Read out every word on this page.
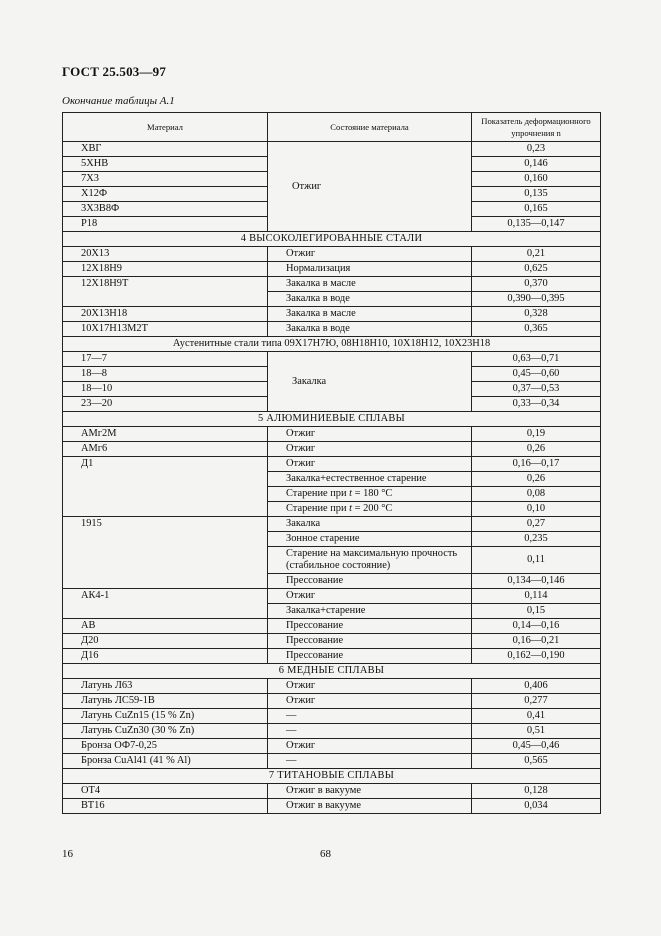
ГОСТ 25.503—97
Окончание таблицы А.1
Материал	Состояние материала	Показатель деформационного упрочнения n
ХВГ	Отжиг	0,23
5ХНВ		0,146
7Х3		0,160
Х12Ф		0,135
3Х3В8Ф		0,165
Р18		0,135—0,147
4 ВЫСОКОЛЕГИРОВАННЫЕ СТАЛИ		
20Х13	Отжиг	0,21
12Х18Н9	Нормализация	0,625
12Х18Н9Т	Закалка в масле	0,370
	Закалка в воде	0,390—0,395
20Х13Н18	Закалка в масле	0,328
10Х17Н13М2Т	Закалка в воде	0,365
Аустенитные стали типа 09Х17Н7Ю, 08Н18Н10, 10Х18Н12, 10Х23Н18		
17—7	Закалка	0,63—0,71
18—8		0,45—0,60
18—10		0,37—0,53
23—20		0,33—0,34
5 АЛЮМИНИЕВЫЕ СПЛАВЫ		
АМг2М	Отжиг	0,19
АМг6	Отжиг	0,26
Д1	Отжиг	0,16—0,17
	Закалка+естественное старение	0,26
	Старение при t = 180 °С	0,08
	Старение при t = 200 °С	0,10
1915	Закалка	0,27
	Зонное старение	0,235
	Старение на максимальную прочность (стабильное состояние)	0,11
	Прессование	0,134—0,146
АК4-1	Отжиг	0,114
	Закалка+старение	0,15
АВ	Прессование	0,14—0,16
Д20	Прессование	0,16—0,21
Д16	Прессование	0,162—0,190
6 МЕДНЫЕ СПЛАВЫ		
Латунь Л63	Отжиг	0,406
Латунь ЛС59-1В	Отжиг	0,277
Латунь CuZn15 (15 % Zn)	—	0,41
Латунь CuZn30 (30 % Zn)	—	0,51
Бронза ОФ7-0,25	Отжиг	0,45—0,46
Бронза CuAl41 (41 % Al)	—	0,565
7 ТИТАНОВЫЕ СПЛАВЫ		
ОТ4	Отжиг в вакууме	0,128
ВТ16	Отжиг в вакууме	0,034
16	68
